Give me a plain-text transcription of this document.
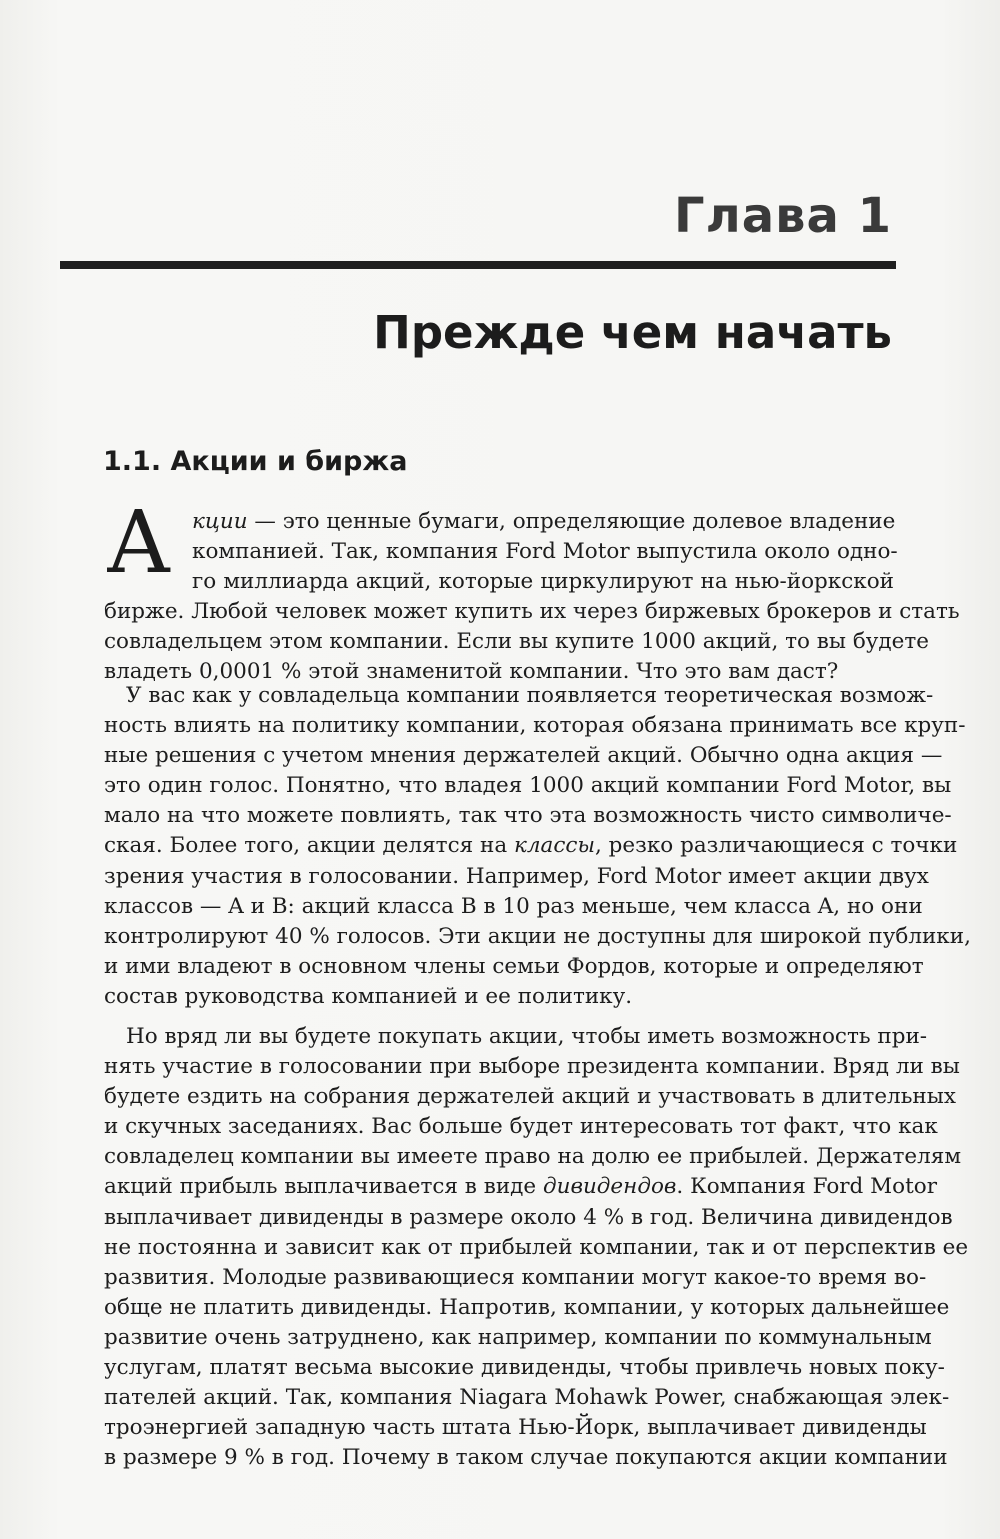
Глава 1
Прежде чем начать
1.1. Акции и биржа
А кции — это ценные бумаги, определяющие долевое владение
компанией. Так, компания Ford Motor выпустила около одно-
го миллиарда акций, которые циркулируют на нью-йоркской
бирже. Любой человек может купить их через биржевых брокеров и стать
совладельцем этом компании. Если вы купите 1000 акций, то вы будете
владеть 0,0001 % этой знаменитой компании. Что это вам даст?
У вас как у совладельца компании появляется теоретическая возмож-
ность влиять на политику компании, которая обязана принимать все круп-
ные решения с учетом мнения держателей акций. Обычно одна акция —
это один голос. Понятно, что владея 1000 акций компании Ford Motor, вы
мало на что можете повлиять, так что эта возможность чисто символиче-
ская. Более того, акции делятся на классы, резко различающиеся с точки
зрения участия в голосовании. Например, Ford Motor имеет акции двух
классов — A и B: акций класса B в 10 раз меньше, чем класса A, но они
контролируют 40 % голосов. Эти акции не доступны для широкой публики,
и ими владеют в основном члены семьи Фордов, которые и определяют
состав руководства компанией и ее политику.
Но вряд ли вы будете покупать акции, чтобы иметь возможность при-
нять участие в голосовании при выборе президента компании. Вряд ли вы
будете ездить на собрания держателей акций и участвовать в длительных
и скучных заседаниях. Вас больше будет интересовать тот факт, что как
совладелец компании вы имеете право на долю ее прибылей. Держателям
акций прибыль выплачивается в виде дивидендов. Компания Ford Motor
выплачивает дивиденды в размере около 4 % в год. Величина дивидендов
не постоянна и зависит как от прибылей компании, так и от перспектив ее
развития. Молодые развивающиеся компании могут какое-то время во-
обще не платить дивиденды. Напротив, компании, у которых дальнейшее
развитие очень затруднено, как например, компании по коммунальным
услугам, платят весьма высокие дивиденды, чтобы привлечь новых поку-
пателей акций. Так, компания Niagara Mohawk Power, снабжающая элек-
троэнергией западную часть штата Нью-Йорк, выплачивает дивиденды
в размере 9 % в год. Почему в таком случае покупаются акции компании
